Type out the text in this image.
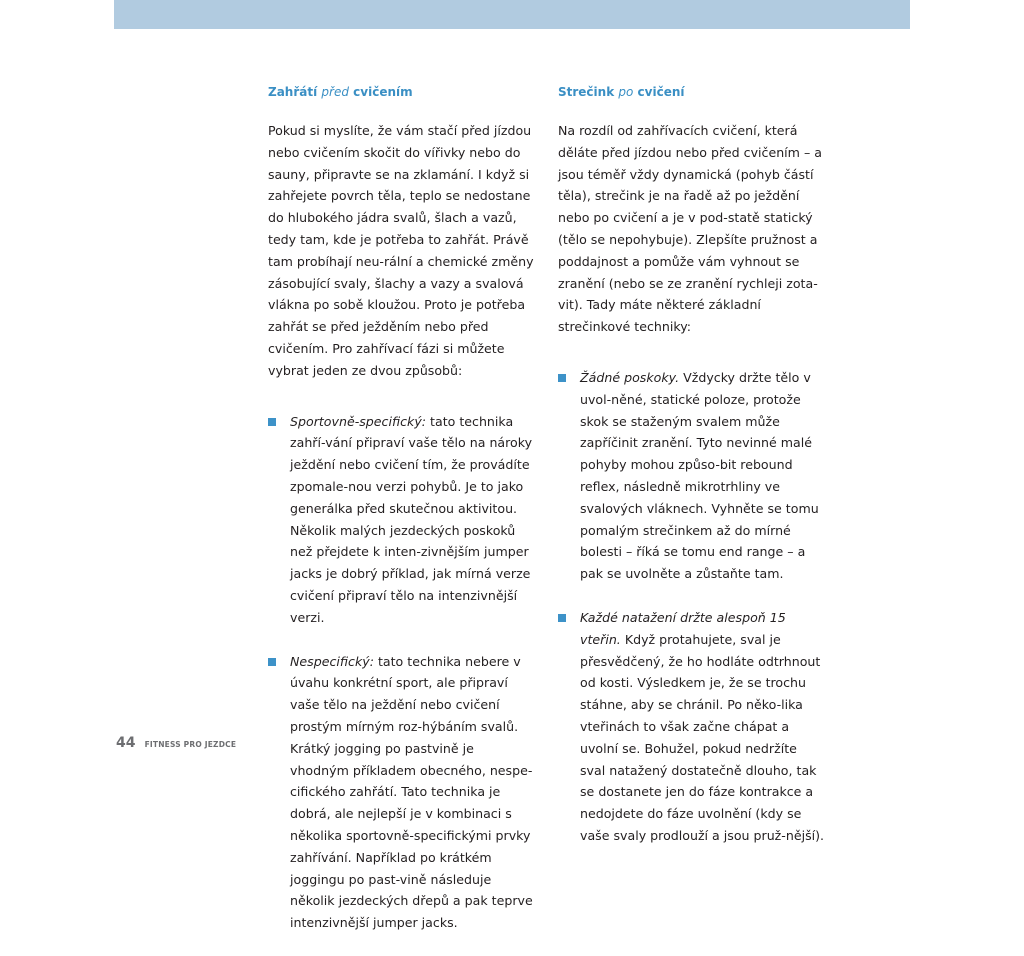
Zahřátí před cvičením

Pokud si myslíte, že vám stačí před jízdou nebo cvičením skočit do vířivky nebo do sauny, připravte se na zklamání. I když si zahřejete povrch těla, teplo se nedostane do hlubokého jádra svalů, šlach a vazů, tedy tam, kde je potřeba to zahřát. Právě tam probíhají neu-rální a chemické změny zásobující svaly, šlachy a vazy a svalová vlákna po sobě kloužou. Proto je potřeba zahřát se před ježděním nebo před cvičením. Pro zahřívací fázi si můžete vybrat jeden ze dvou způsobů:

Sportovně-specifický: tato technika zahří-vání připraví vaše tělo na nároky ježdění nebo cvičení tím, že provádíte zpomale-nou verzi pohybů. Je to jako generálka před skutečnou aktivitou. Několik malých jezdeckých poskoků než přejdete k inten-zivnějším jumper jacks je dobrý příklad, jak mírná verze cvičení připraví tělo na intenzivnější verzi.
Nespecifický: tato technika nebere v úvahu konkrétní sport, ale připraví vaše tělo na ježdění nebo cvičení prostým mírným roz-hýbáním svalů. Krátký jogging po pastvině je vhodným příkladem obecného, nespe-cifického zahřátí. Tato technika je dobrá, ale nejlepší je v kombinaci s několika sportovně-specifickými prvky zahřívání. Například po krátkém joggingu po past-vině následuje několik jezdeckých dřepů a pak teprve intenzivnější jumper jacks.
Strečink po cvičení

Na rozdíl od zahřívacích cvičení, která děláte před jízdou nebo před cvičením – a jsou téměř vždy dynamická (pohyb částí těla), strečink je na řadě až po ježdění nebo po cvičení a je v pod-statě statický (tělo se nepohybuje). Zlepšíte pružnost a poddajnost a pomůže vám vyhnout se zranění (nebo se ze zranění rychleji zota-vit). Tady máte některé základní strečinkové techniky:

Žádné poskoky. Vždycky držte tělo v uvol-něné, statické poloze, protože skok se staženým svalem může zapříčinit zranění. Tyto nevinné malé pohyby mohou způso-bit rebound reflex, následně mikrotrhliny ve svalových vláknech. Vyhněte se tomu pomalým strečinkem až do mírné bolesti – říká se tomu end range – a pak se uvolněte a zůstaňte tam.
Každé natažení držte alespoň 15 vteřin. Když protahujete, sval je přesvědčený, že ho hodláte odtrhnout od kosti. Výsledkem je, že se trochu stáhne, aby se chránil. Po něko-lika vteřinách to však začne chápat a uvolní se. Bohužel, pokud nedržíte sval natažený dostatečně dlouho, tak se dostanete jen do fáze kontrakce a nedojdete do fáze uvolnění (kdy se vaše svaly prodlouží a jsou pruž-nější).
44 FITNESS PRO JEZDCE
